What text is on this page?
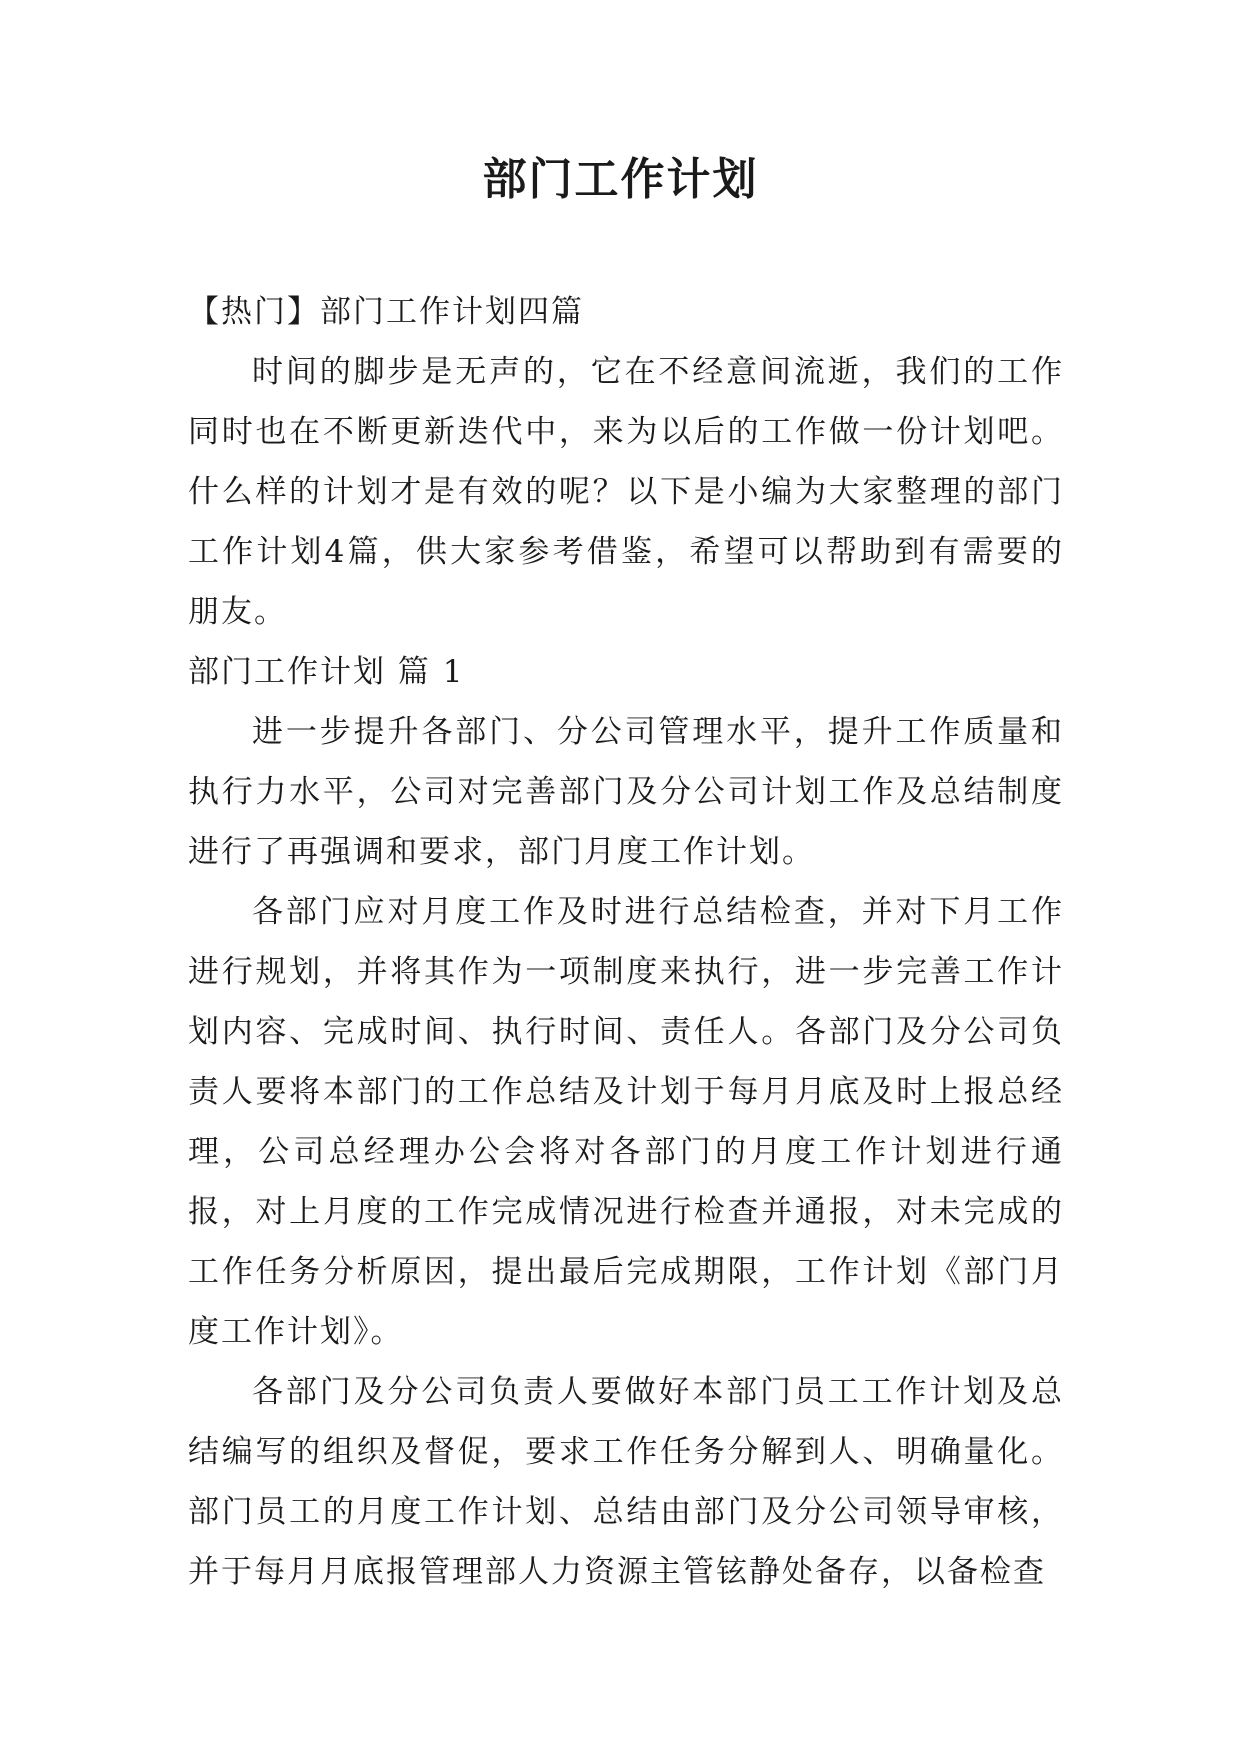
部门工作计划

【热门】部门工作计划四篇

时间的脚步是无声的，它在不经意间流逝，我们的工作同时也在不断更新迭代中，来为以后的工作做一份计划吧。什么样的计划才是有效的呢？以下是小编为大家整理的部门工作计划4篇，供大家参考借鉴，希望可以帮助到有需要的朋友。

部门工作计划 篇 1

进一步提升各部门、分公司管理水平，提升工作质量和执行力水平，公司对完善部门及分公司计划工作及总结制度进行了再强调和要求，部门月度工作计划。

各部门应对月度工作及时进行总结检查，并对下月工作进行规划，并将其作为一项制度来执行，进一步完善工作计划内容、完成时间、执行时间、责任人。各部门及分公司负责人要将本部门的工作总结及计划于每月月底及时上报总经理，公司总经理办公会将对各部门的月度工作计划进行通报，对上月度的工作完成情况进行检查并通报，对未完成的工作任务分析原因，提出最后完成期限，工作计划《部门月度工作计划》。

各部门及分公司负责人要做好本部门员工工作计划及总结编写的组织及督促，要求工作任务分解到人、明确量化。部门员工的月度工作计划、总结由部门及分公司领导审核，并于每月月底报管理部人力资源主管铉静处备存，以备检查
